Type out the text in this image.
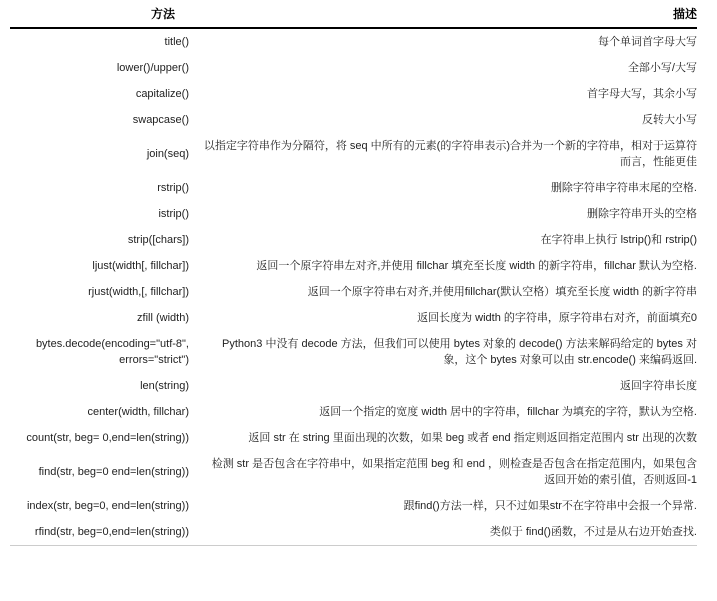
方法	描述
title()	每个单词首字母大写
lower()/upper()	全部小写/大写
capitalize()	首字母大写，其余小写
swapcase()	反转大小写
join(seq)	以指定字符串作为分隔符，将 seq 中所有的元素(的字符串表示)合并为一个新的字符串，相对于运算符而言，性能更佳
rstrip()	删除字符串字符串末尾的空格.
istrip()	删除字符串开头的空格
strip([chars])	在字符串上执行 lstrip()和 rstrip()
ljust(width[, fillchar])	返回一个原字符串左对齐,并使用 fillchar 填充至长度 width 的新字符串，fillchar 默认为空格.
rjust(width,[, fillchar])	返回一个原字符串右对齐,并使用fillchar(默认空格）填充至长度 width 的新字符串
zfill (width)	返回长度为 width 的字符串，原字符串右对齐，前面填充0
bytes.decode(encoding="utf-8", errors="strict")	Python3 中没有 decode 方法，但我们可以使用 bytes 对象的 decode() 方法来解码给定的 bytes 对象，这个 bytes 对象可以由 str.encode() 来编码返回.
len(string)	返回字符串长度
center(width, fillchar)	返回一个指定的宽度 width 居中的字符串，fillchar 为填充的字符，默认为空格.
count(str, beg= 0,end=len(string))	返回 str 在 string 里面出现的次数，如果 beg 或者 end 指定则返回指定范围内 str 出现的次数
find(str, beg=0 end=len(string))	检测 str 是否包含在字符串中，如果指定范围 beg 和 end ，则检查是否包含在指定范围内，如果包含返回开始的索引值，否则返回-1
index(str, beg=0, end=len(string))	跟find()方法一样，只不过如果str不在字符串中会报一个异常.
rfind(str, beg=0,end=len(string))	类似于 find()函数，不过是从右边开始查找.
